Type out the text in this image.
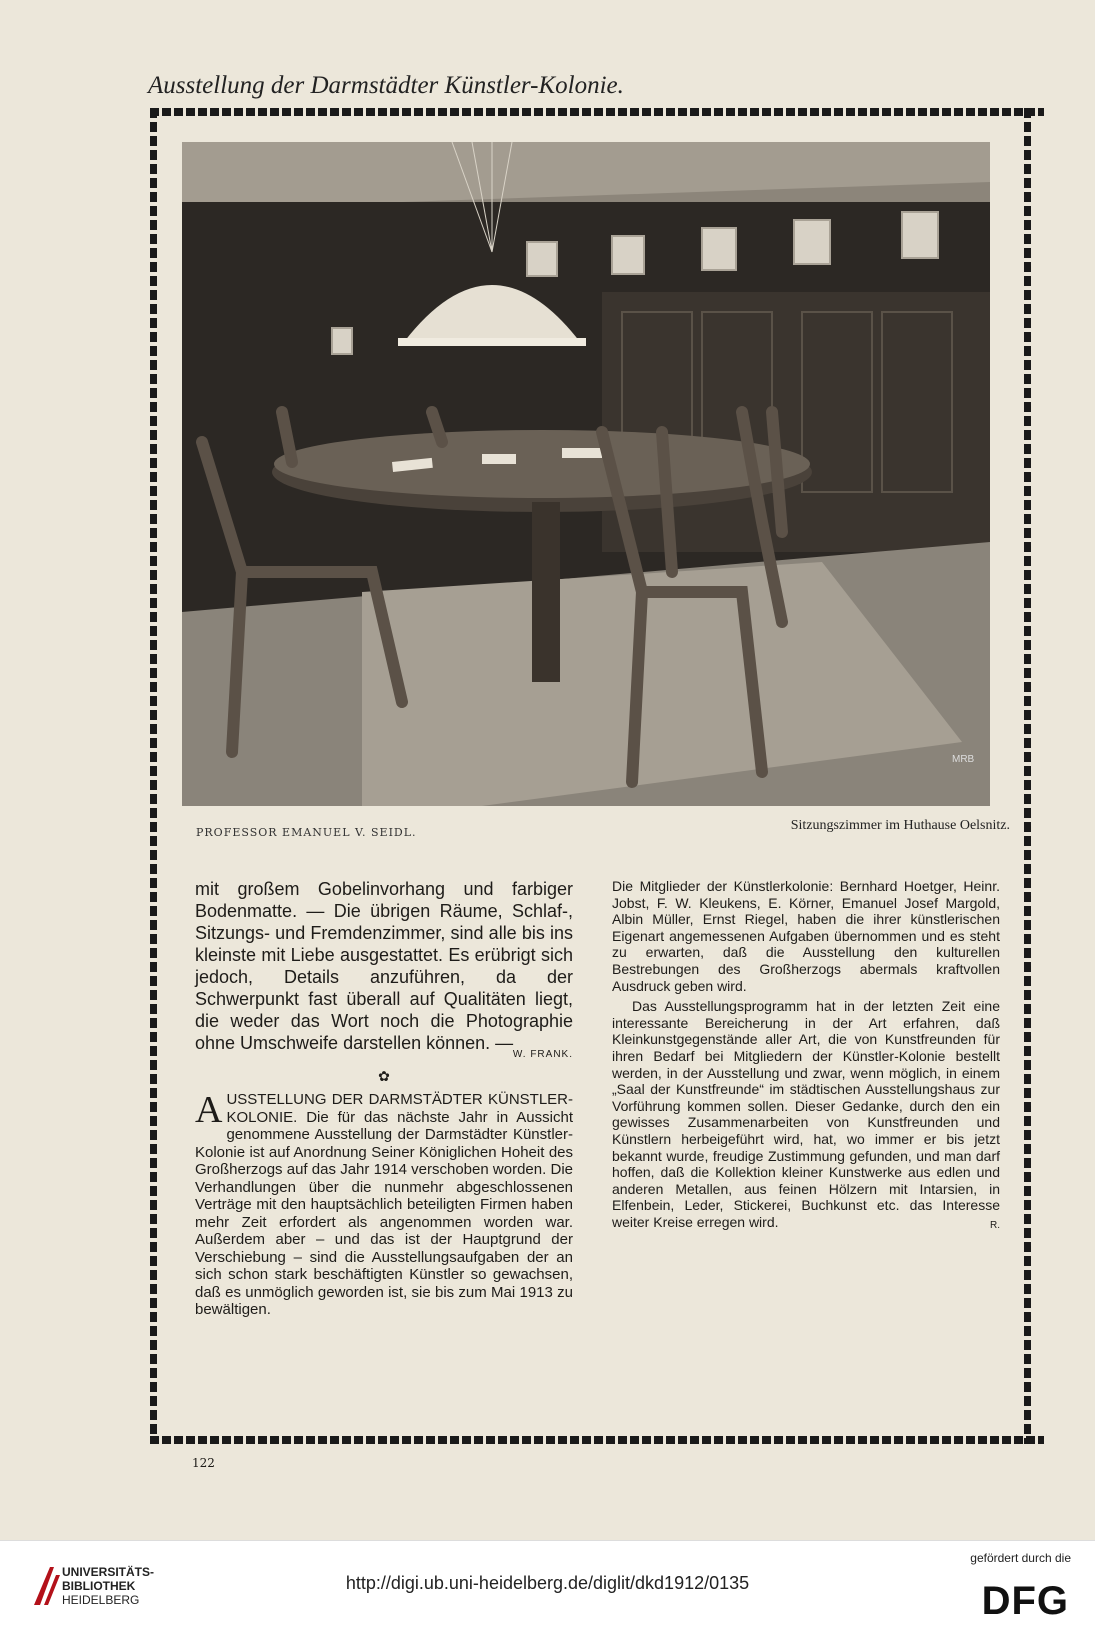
Ausstellung der Darmstädter Künstler-Kolonie.
MRB
PROFESSOR EMANUEL V. SEIDL.	Sitzungszimmer im Huthause Oelsnitz.

mit großem Gobelinvorhang und farbiger Bodenmatte. — Die übrigen Räume, Schlaf-, Sitzungs- und Fremdenzimmer, sind alle bis ins kleinste mit Liebe ausgestattet. Es erübrigt sich jedoch, Details anzuführen, da der Schwerpunkt fast überall auf Qualitäten liegt, die weder das Wort noch die Photographie ohne Umschweife darstellen können. —

W. FRANK.
✿
AUSSTELLUNG DER DARMSTÄDTER KÜNSTLER-KOLONIE. Die für das nächste Jahr in Aussicht genommene Ausstellung der Darmstädter Künstler-Kolonie ist auf Anordnung Seiner Königlichen Hoheit des Großherzogs auf das Jahr 1914 verschoben worden. Die Verhandlungen über die nunmehr abgeschlossenen Verträge mit den hauptsächlich beteiligten Firmen haben mehr Zeit erfordert als angenommen worden war. Außerdem aber – und das ist der Hauptgrund der Verschiebung – sind die Ausstellungsaufgaben der an sich schon stark beschäftigten Künstler so gewachsen, daß es unmöglich geworden ist, sie bis zum Mai 1913 zu bewältigen.

Die Mitglieder der Künstlerkolonie: Bernhard Hoetger, Heinr. Jobst, F. W. Kleukens, E. Körner, Emanuel Josef Margold, Albin Müller, Ernst Riegel, haben die ihrer künstlerischen Eigenart angemessenen Aufgaben übernommen und es steht zu erwarten, daß die Ausstellung den kulturellen Bestrebungen des Großherzogs abermals kraftvollen Ausdruck geben wird.

Das Ausstellungsprogramm hat in der letzten Zeit eine interessante Bereicherung in der Art erfahren, daß Kleinkunstgegenstände aller Art, die von Kunstfreunden für ihren Bedarf bei Mitgliedern der Künstler-Kolonie bestellt werden, in der Ausstellung und zwar, wenn möglich, in einem „Saal der Kunstfreunde“ im städtischen Ausstellungshaus zur Vorführung kommen sollen. Dieser Gedanke, durch den ein gewisses Zusammenarbeiten von Kunstfreunden und Künstlern herbeigeführt wird, hat, wo immer er bis jetzt bekannt wurde, freudige Zustimmung gefunden, und man darf hoffen, daß die Kollektion kleiner Kunstwerke aus edlen und anderen Metallen, aus feinen Hölzern mit Intarsien, in Elfenbein, Leder, Stickerei, Buchkunst etc. das Interesse weiter Kreise erregen wird.	R.
122
UNIVERSITÄTS-
BIBLIOTHEK
HEIDELBERG
http://digi.ub.uni-heidelberg.de/diglit/dkd1912/0135
gefördert durch die
DFG
